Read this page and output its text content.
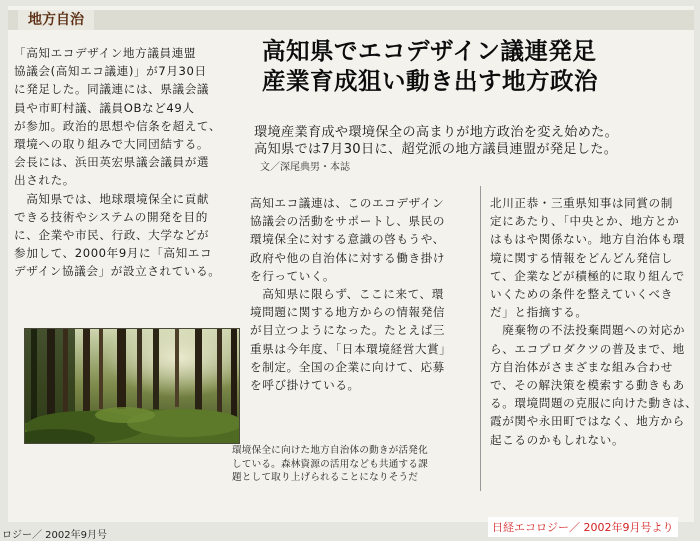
地方自治
「高知エコデザイン地方議員連盟
協議会(高知エコ議連)」が7月30日
に発足した。同議連には、県議会議
員や市町村議、議員OBなど49人
が参加。政治的思想や信条を超えて、
環境への取り組みで大同団結する。
会長には、浜田英宏県議会議員が選
出された。
　高知県では、地球環境保全に貢献
できる技術やシステムの開発を目的
に、企業や市民、行政、大学などが
参加して、2000年9月に「高知エコ
デザイン協議会」が設立されている。
高知県でエコデザイン議連発足
産業育成狙い動き出す地方政治
環境産業育成や環境保全の高まりが地方政治を変え始めた。
高知県では7月30日に、超党派の地方議員連盟が発足した。
文／深尾典男・本誌
高知エコ議連は、このエコデザイン
協議会の活動をサポートし、県民の
環境保全に対する意識の啓もうや、
政府や他の自治体に対する働き掛け
を行っていく。
　高知県に限らず、ここに来て、環
境問題に関する地方からの情報発信
が目立つようになった。たとえば三
重県は今年度、「日本環境経営大賞」
を制定。全国の企業に向けて、応募
を呼び掛けている。
北川正恭・三重県知事は同賞の制
定にあたり、「中央とか、地方とか
はもはや関係ない。地方自治体も環
境に関する情報をどんどん発信し
て、企業などが積極的に取り組んで
いくための条件を整えていくべき
だ」と指摘する。
　廃棄物の不法投棄問題への対応か
ら、エコプロダクツの普及まで、地
方自治体がさまざまな組み合わせ
で、その解決策を模索する動きもあ
る。環境問題の克服に向けた動きは、
霞が関や永田町ではなく、地方から
起こるのかもしれない。
環境保全に向けた地方自治体の動きが活発化
している。森林資源の活用なども共通する課
題として取り上げられることになりそうだ
ロジー／ 2002年9月号
日経エコロジー／ 2002年9月号より
